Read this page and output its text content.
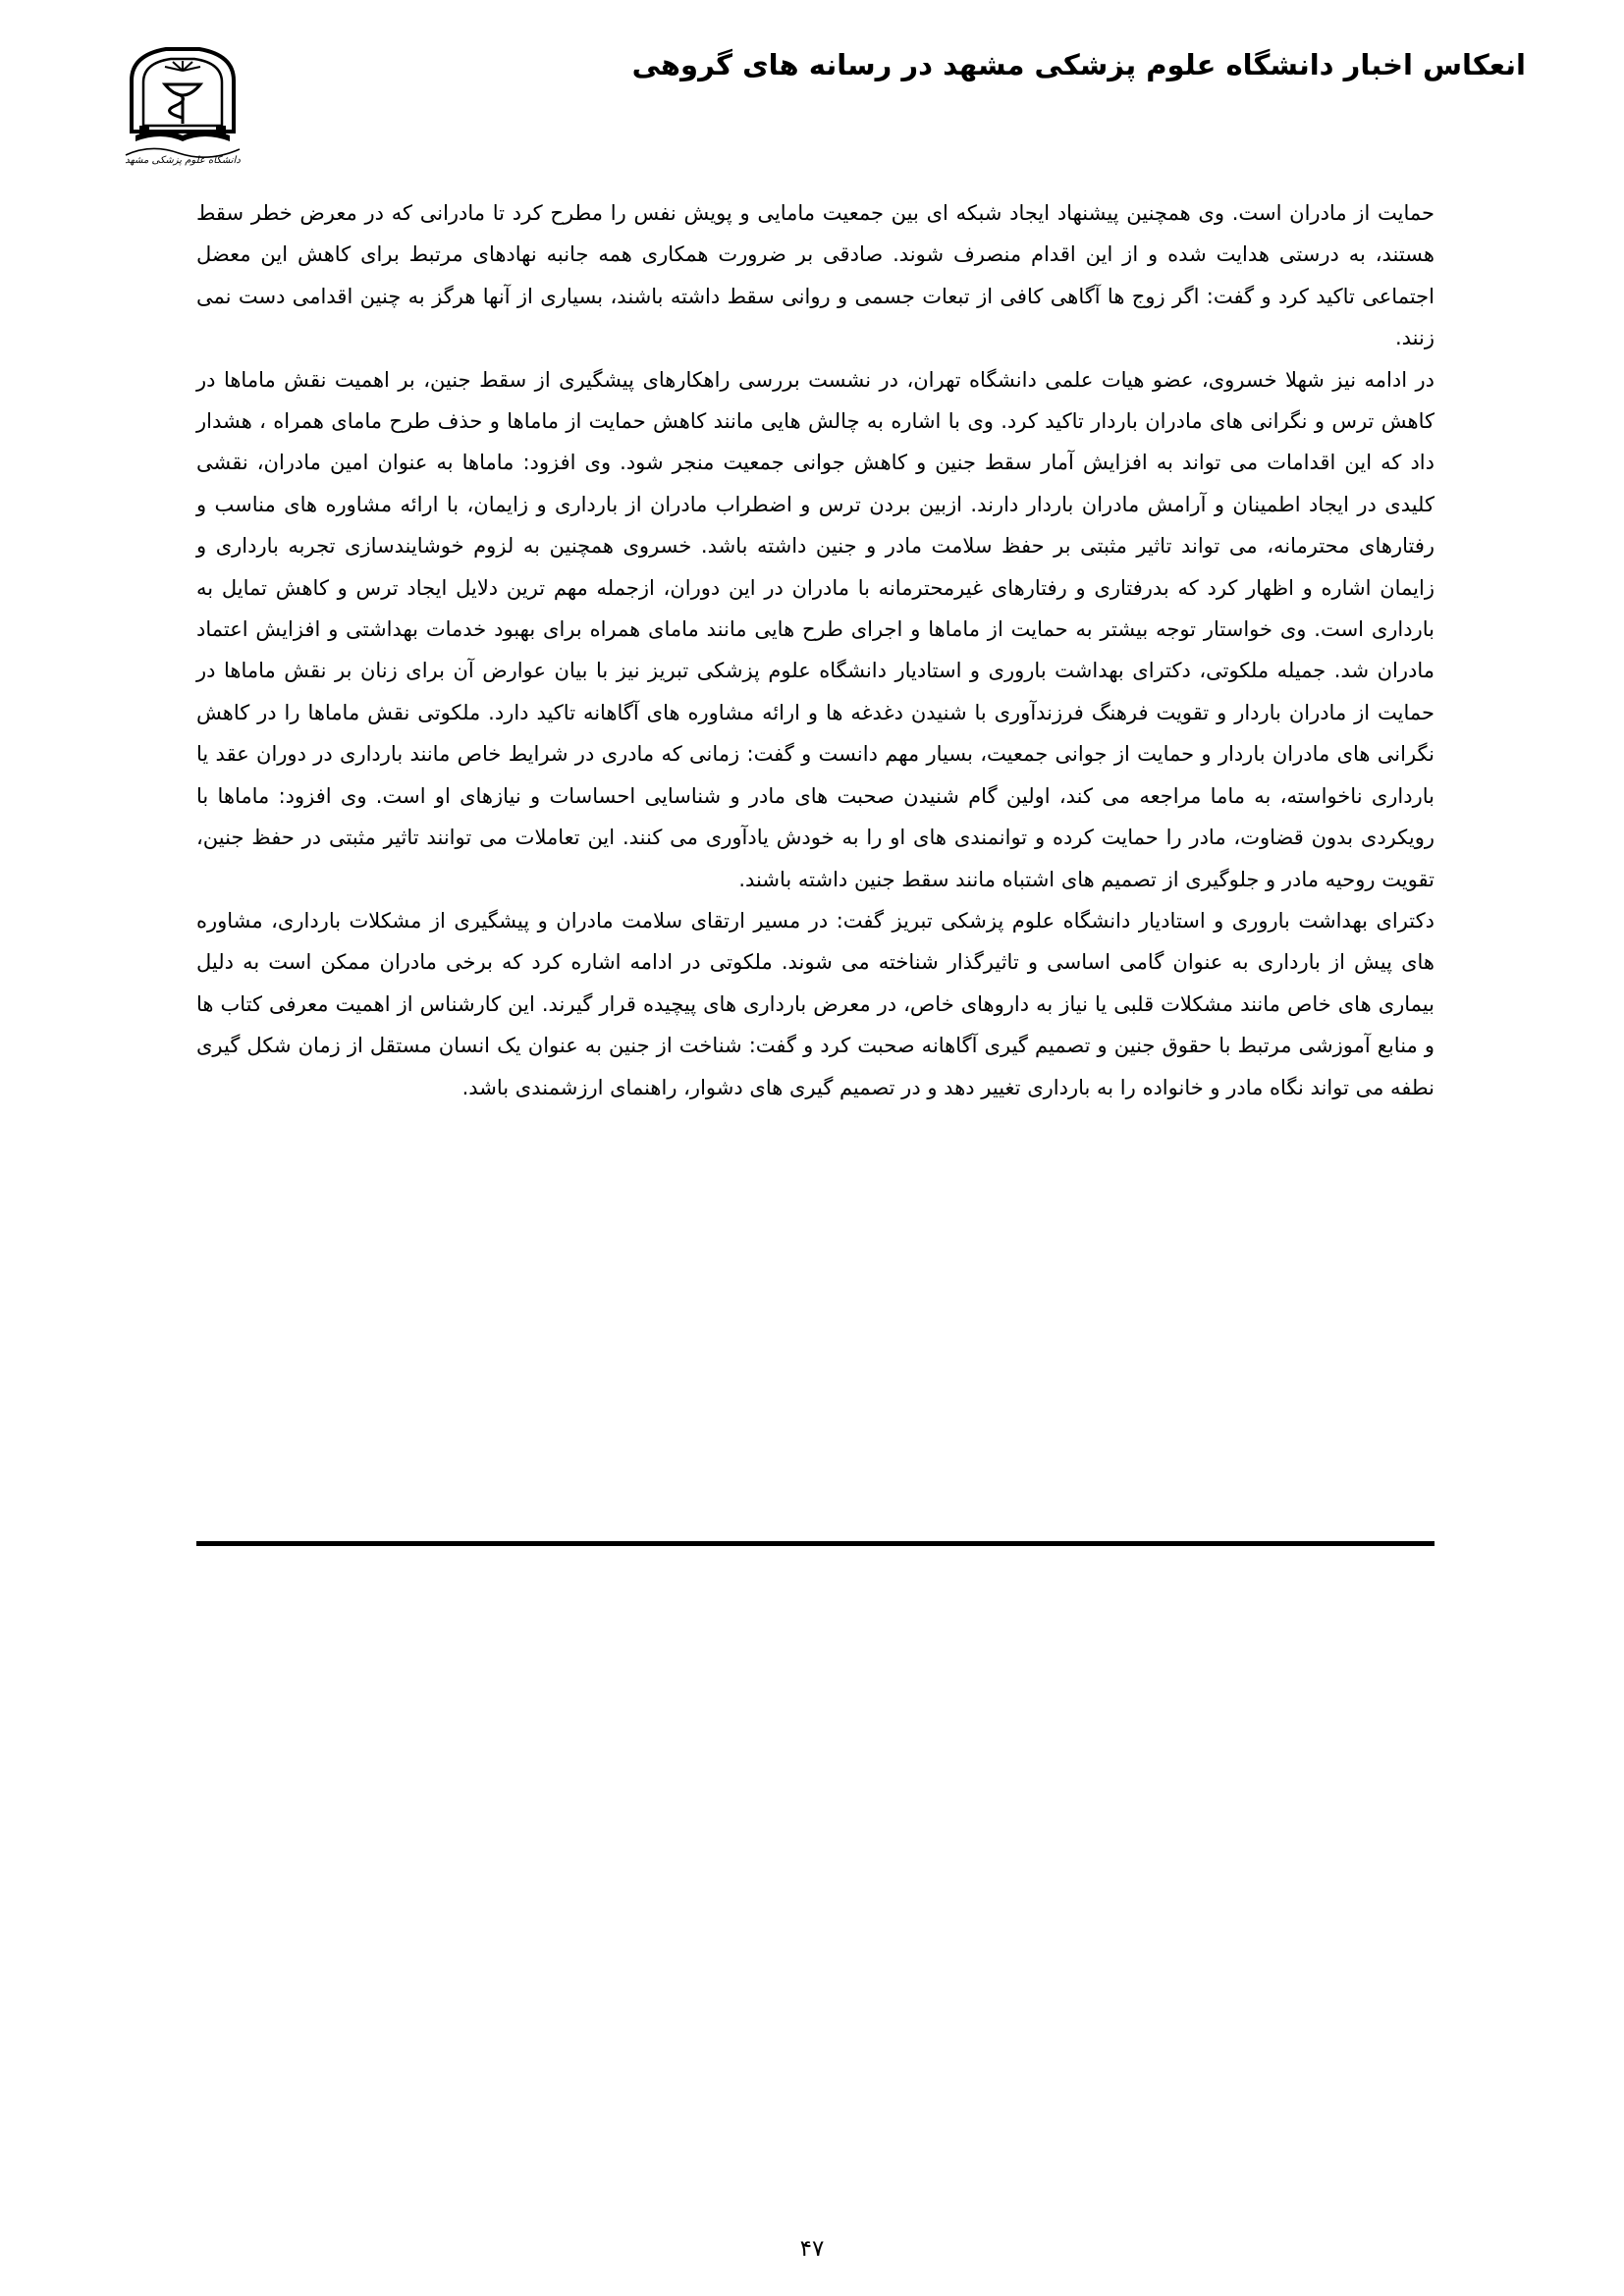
انعکاس اخبار دانشگاه علوم پزشکی مشهد در رسانه های گروهی
دانشگاه علوم پزشکی مشهد

حمایت از مادران است. وی همچنین پیشنهاد ایجاد شبکه ای بین جمعیت مامایی و پویش نفس را مطرح کرد تا مادرانی که در معرض خطر سقط هستند، به درستی هدایت شده و از این اقدام منصرف شوند. صادقی بر ضرورت همکاری همه جانبه نهادهای مرتبط برای کاهش این معضل اجتماعی تاکید کرد و گفت: اگر زوج ها آگاهی کافی از تبعات جسمی و روانی سقط داشته باشند، بسیاری از آنها هرگز به چنین اقدامی دست نمی زنند.

در ادامه نیز شهلا خسروی، عضو هیات علمی دانشگاه تهران، در نشست بررسی راهکارهای پیشگیری از سقط جنین، بر اهمیت نقش ماماها در کاهش ترس و نگرانی های مادران باردار تاکید کرد. وی با اشاره به چالش هایی مانند کاهش حمایت از ماماها و حذف طرح مامای همراه ، هشدار داد که این اقدامات می تواند به افزایش آمار سقط جنین و کاهش جوانی جمعیت منجر شود. وی افزود: ماماها به عنوان امین مادران، نقشی کلیدی در ایجاد اطمینان و آرامش مادران باردار دارند. ازبین بردن ترس و اضطراب مادران از بارداری و زایمان، با ارائه مشاوره های مناسب و رفتارهای محترمانه، می تواند تاثیر مثبتی بر حفظ سلامت مادر و جنین داشته باشد. خسروی همچنین به لزوم خوشایندسازی تجربه بارداری و زایمان اشاره و اظهار کرد که بدرفتاری و رفتارهای غیرمحترمانه با مادران در این دوران، ازجمله مهم ترین دلایل ایجاد ترس و کاهش تمایل به بارداری است. وی خواستار توجه بیشتر به حمایت از ماماها و اجرای طرح هایی مانند مامای همراه برای بهبود خدمات بهداشتی و افزایش اعتماد مادران شد. جمیله ملکوتی، دکترای بهداشت باروری و استادیار دانشگاه علوم پزشکی تبریز نیز با بیان عوارض آن برای زنان بر نقش ماماها در حمایت از مادران باردار و تقویت فرهنگ فرزندآوری با شنیدن دغدغه ها و ارائه مشاوره های آگاهانه تاکید دارد. ملکوتی نقش ماماها را در کاهش نگرانی های مادران باردار و حمایت از جوانی جمعیت، بسیار مهم دانست و گفت: زمانی که مادری در شرایط خاص مانند بارداری در دوران عقد یا بارداری ناخواسته، به ماما مراجعه می کند، اولین گام شنیدن صحبت های مادر و شناسایی احساسات و نیازهای او است. وی افزود: ماماها با رویکردی بدون قضاوت، مادر را حمایت کرده و توانمندی های او را به خودش یادآوری می کنند. این تعاملات می توانند تاثیر مثبتی در حفظ جنین، تقویت روحیه مادر و جلوگیری از تصمیم های اشتباه مانند سقط جنین داشته باشند.

دکترای بهداشت باروری و استادیار دانشگاه علوم پزشکی تبریز گفت: در مسیر ارتقای سلامت مادران و پیشگیری از مشکلات بارداری، مشاوره های پیش از بارداری به عنوان گامی اساسی و تاثیرگذار شناخته می شوند. ملکوتی در ادامه اشاره کرد که برخی مادران ممکن است به دلیل بیماری های خاص مانند مشکلات قلبی یا نیاز به داروهای خاص، در معرض بارداری های پیچیده قرار گیرند. این کارشناس از اهمیت معرفی کتاب ها و منابع آموزشی مرتبط با حقوق جنین و تصمیم گیری آگاهانه صحبت کرد و گفت: شناخت از جنین به عنوان یک انسان مستقل از زمان شکل گیری نطفه می تواند نگاه مادر و خانواده را به بارداری تغییر دهد و در تصمیم گیری های دشوار، راهنمای ارزشمندی باشد.

۴۷
